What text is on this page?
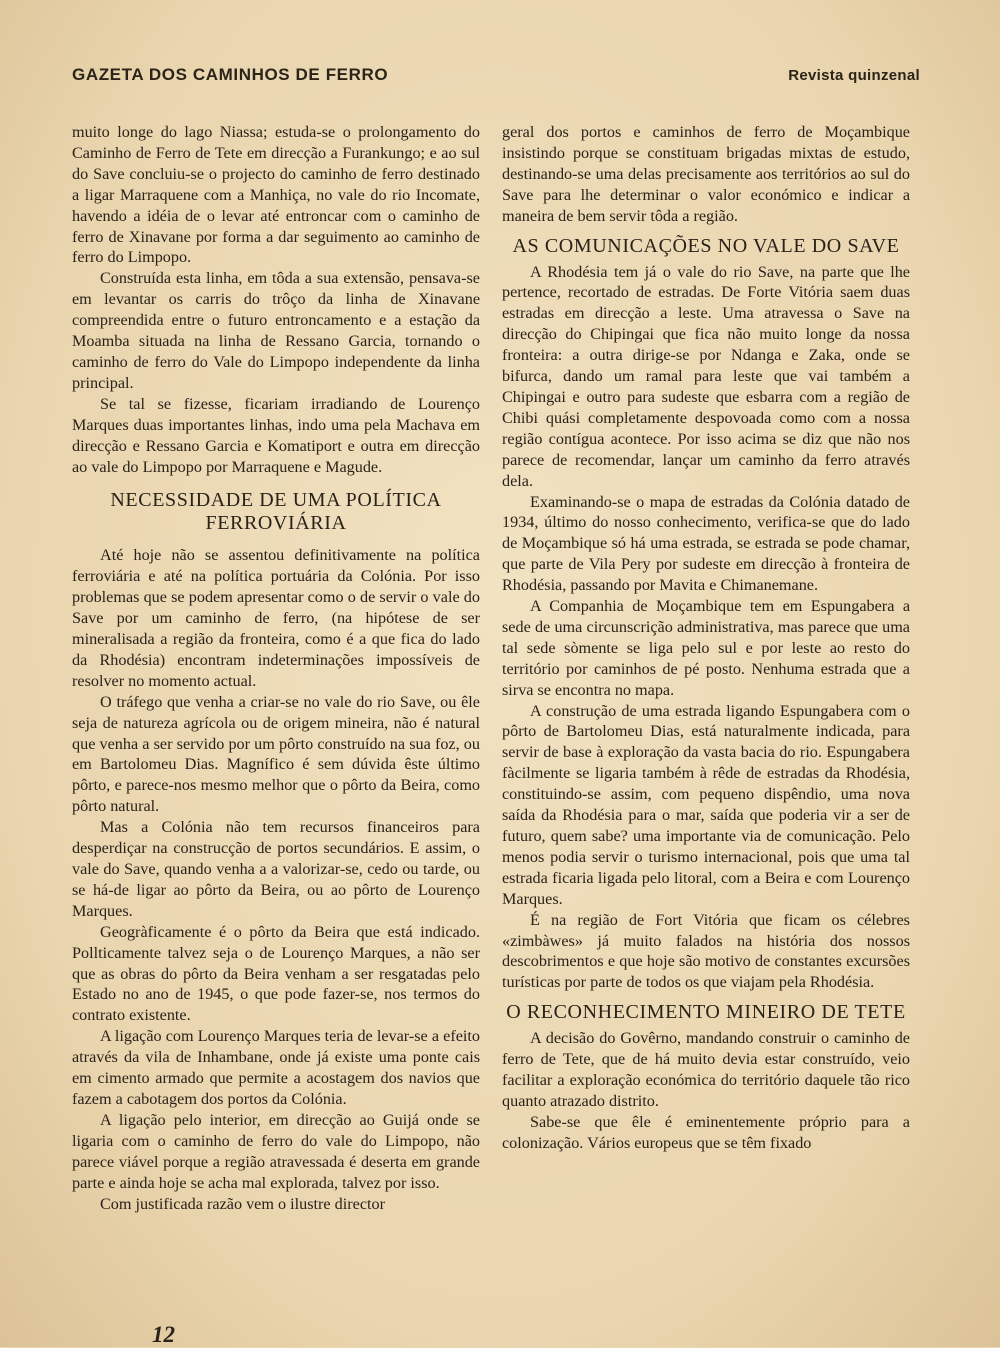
GAZETA DOS CAMINHOS DE FERRO	Revista quinzenal

muito longe do lago Niassa; estuda-se o prolongamento do Caminho de Ferro de Tete em direcção a Furankungo; e ao sul do Save concluiu-se o projecto do caminho de ferro destinado a ligar Marraquene com a Manhiça, no vale do rio Incomate, havendo a idéia de o levar até entroncar com o caminho de ferro de Xinavane por forma a dar seguimento ao caminho de ferro do Limpopo.

Construída esta linha, em tôda a sua extensão, pensava-se em levantar os carris do trôço da linha de Xinavane compreendida entre o futuro entroncamento e a estação da Moamba situada na linha de Ressano Garcia, tornando o caminho de ferro do Vale do Limpopo independente da linha principal.

Se tal se fizesse, ficariam irradiando de Lourenço Marques duas importantes linhas, indo uma pela Machava em direcção e Ressano Garcia e Komatiport e outra em direcção ao vale do Limpopo por Marraquene e Magude.

NECESSIDADE DE UMA POLÍTICA FERROVIÁRIA

Até hoje não se assentou definitivamente na política ferroviária e até na política portuária da Colónia. Por isso problemas que se podem apresentar como o de servir o vale do Save por um caminho de ferro, (na hipótese de ser mineralisada a região da fronteira, como é a que fica do lado da Rhodésia) encontram indeterminações impossíveis de resolver no momento actual.

O tráfego que venha a criar-se no vale do rio Save, ou êle seja de natureza agrícola ou de origem mineira, não é natural que venha a ser servido por um pôrto construído na sua foz, ou em Bartolomeu Dias. Magnífico é sem dúvida êste último pôrto, e parece-nos mesmo melhor que o pôrto da Beira, como pôrto natural.

Mas a Colónia não tem recursos financeiros para desperdiçar na construcção de portos secundários. E assim, o vale do Save, quando venha a a valorizar-se, cedo ou tarde, ou se há-de ligar ao pôrto da Beira, ou ao pôrto de Lourenço Marques.

Geogràficamente é o pôrto da Beira que está indicado. Pollticamente talvez seja o de Lourenço Marques, a não ser que as obras do pôrto da Beira venham a ser resgatadas pelo Estado no ano de 1945, o que pode fazer-se, nos termos do contrato existente.

A ligação com Lourenço Marques teria de levar-se a efeito através da vila de Inhambane, onde já existe uma ponte cais em cimento armado que permite a acostagem dos navios que fazem a cabotagem dos portos da Colónia.

A ligação pelo interior, em direcção ao Guijá onde se ligaria com o caminho de ferro do vale do Limpopo, não parece viável porque a região atravessada é deserta em grande parte e ainda hoje se acha mal explorada, talvez por isso.

Com justificada razão vem o ilustre director

geral dos portos e caminhos de ferro de Moçambique insistindo porque se constituam brigadas mixtas de estudo, destinando-se uma delas precisamente aos territórios ao sul do Save para lhe determinar o valor económico e indicar a maneira de bem servir tôda a região.

AS COMUNICAÇÕES NO VALE DO SAVE

A Rhodésia tem já o vale do rio Save, na parte que lhe pertence, recortado de estradas. De Forte Vitória saem duas estradas em direcção a leste. Uma atravessa o Save na direcção do Chipingai que fica não muito longe da nossa fronteira: a outra dirige-se por Ndanga e Zaka, onde se bifurca, dando um ramal para leste que vai também a Chipingai e outro para sudeste que esbarra com a região de Chibi quási completamente despovoada como com a nossa região contígua acontece. Por isso acima se diz que não nos parece de recomendar, lançar um caminho da ferro através dela.

Examinando-se o mapa de estradas da Colónia datado de 1934, último do nosso conhecimento, verifica-se que do lado de Moçambique só há uma estrada, se estrada se pode chamar, que parte de Vila Pery por sudeste em direcção à fronteira de Rhodésia, passando por Mavita e Chimanemane.

A Companhia de Moçambique tem em Espungabera a sede de uma circunscrição administrativa, mas parece que uma tal sede sòmente se liga pelo sul e por leste ao resto do território por caminhos de pé posto. Nenhuma estrada que a sirva se encontra no mapa.

A construção de uma estrada ligando Espungabera com o pôrto de Bartolomeu Dias, está naturalmente indicada, para servir de base à exploração da vasta bacia do rio. Espungabera fàcilmente se ligaria também à rêde de estradas da Rhodésia, constituindo-se assim, com pequeno dispêndio, uma nova saída da Rhodésia para o mar, saída que poderia vir a ser de futuro, quem sabe? uma importante via de comunicação. Pelo menos podia servir o turismo internacional, pois que uma tal estrada ficaria ligada pelo litoral, com a Beira e com Lourenço Marques.

É na região de Fort Vitória que ficam os célebres «zimbàwes» já muito falados na história dos nossos descobrimentos e que hoje são motivo de constantes excursões turísticas por parte de todos os que viajam pela Rhodésia.

O RECONHECIMENTO MINEIRO DE TETE

A decisão do Govêrno, mandando construir o caminho de ferro de Tete, que de há muito devia estar construído, veio facilitar a exploração económica do território daquele tão rico quanto atrazado distrito.

Sabe-se que êle é eminentemente próprio para a colonização. Vários europeus que se têm fixado

12
